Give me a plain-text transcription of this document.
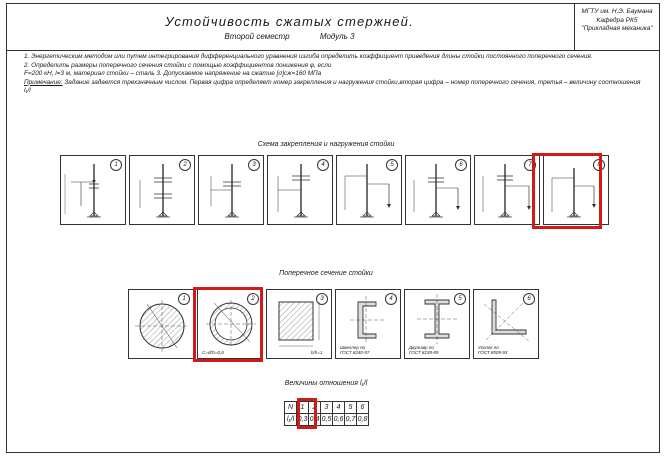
Устойчивость сжатых стержней.
Второй семестр	Модуль 3
МГТУ им. Н.Э. Баумана
Кафедра РК5
"Прикладная механика"

1. Энергетическим методом или путем интегрирования дифференциального уравнения изгиба определить коэффициент приведения длины стойки постоянного поперечного сечения.

2. Определить размеры поперечного сечения стойки с помощью коэффициентов понижения φ, если

F=200 кН, l=3 м, материал стойки – сталь 3. Допускаемое напряжение на сжатие [σ]сж=160 МПа

Примечание: Задание задается трехзначным числом. Первая цифра определяет номер закрепления и нагружения стойки,вторая цифра – номер поперечного сечения, третья – величину соотношения l₁/l

Схема закрепления и нагружения стойки
1	2	3	4	5	6	7	8
Поперечное сечение стойки
1	2
C=d/D=0,8
3
b/h=1
4
Швеллер по
ГОСТ 8240-97
5
Двутавр по
ГОСТ 8239-89
6
Уголок по
ГОСТ 8509-93
Величины отношения l₁/l
N	1	2	3	4	5	6
l₁/l	0,3	0,4	0,5	0,6	0,7	0,8
